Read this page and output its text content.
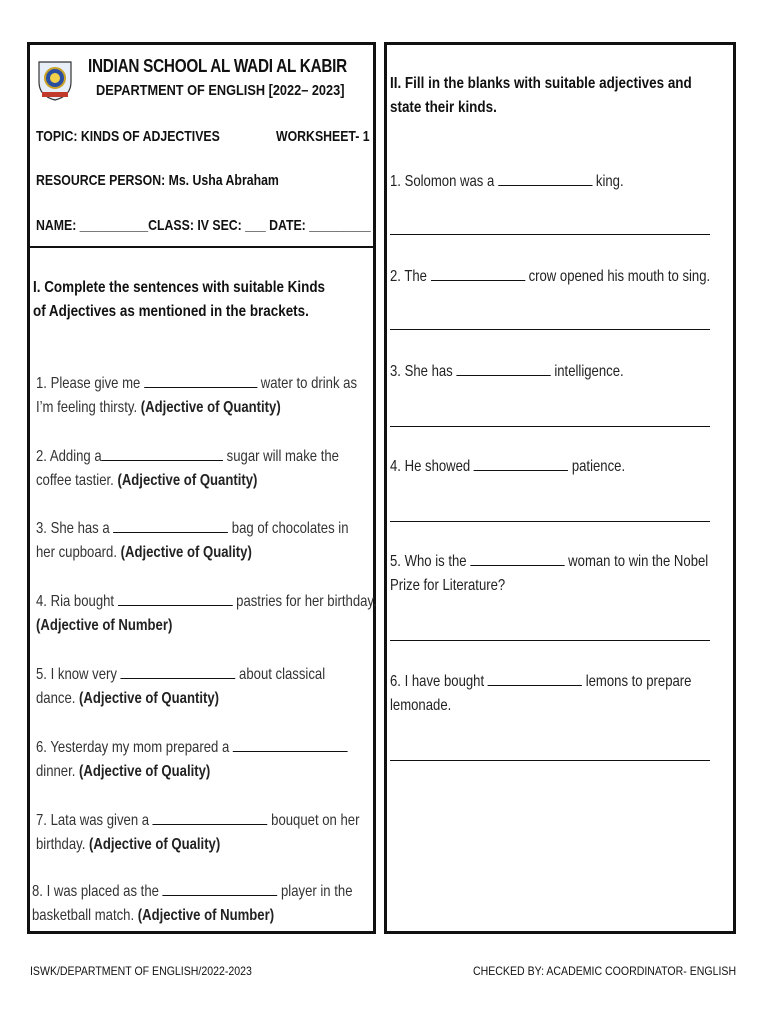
INDIAN SCHOOL AL WADI AL KABIR
DEPARTMENT OF ENGLISH [2022– 2023]
TOPIC: KINDS OF ADJECTIVES	WORKSHEET- 1
RESOURCE PERSON: Ms. Usha Abraham
NAME: __________CLASS: IV SEC: ___ DATE: _________
I. Complete the sentences with suitable Kinds of Adjectives as mentioned in the brackets.
1. Please give me	water to drink as I’m feeling thirsty. (Adjective of Quantity)
2. Adding a	sugar will make the coffee tastier. (Adjective of Quantity)
3. She has a	bag of chocolates in her cupboard. (Adjective of Quality)
4. Ria bought	pastries for her birthday. (Adjective of Number)
5. I know very	about classical dance. (Adjective of Quantity)
6. Yesterday my mom prepared a  dinner. (Adjective of Quality)
7. Lata was given a	bouquet on her birthday. (Adjective of Quality)
8. I was placed as the	player in the basketball match. (Adjective of Number)
II. Fill in the blanks with suitable adjectives and state their kinds.
1. Solomon was a	king.
2. The	crow opened his mouth to sing.
3. She has	intelligence.
4. He showed	patience.
5. Who is the	woman to win the Nobel Prize for Literature?
6. I have bought	lemons to prepare lemonade.
ISWK/DEPARTMENT OF ENGLISH/2022-2023	CHECKED BY: ACADEMIC COORDINATOR- ENGLISH
